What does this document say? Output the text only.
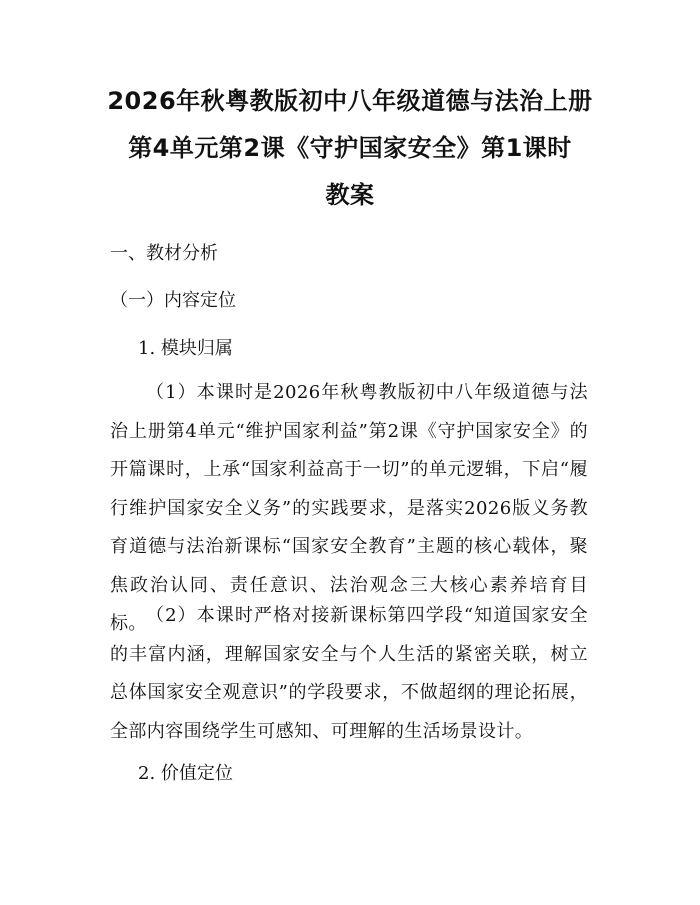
2026年秋粤教版初中八年级道德与法治上册
第4单元第2课《守护国家安全》第1课时
教案
一、教材分析
（一）内容定位
1. 模块归属
（1）本课时是2026年秋粤教版初中八年级道德与法治上册第4单元“维护国家利益”第2课《守护国家安全》的开篇课时，上承“国家利益高于一切”的单元逻辑，下启“履行维护国家安全义务”的实践要求，是落实2026版义务教育道德与法治新课标“国家安全教育”主题的核心载体，聚焦政治认同、责任意识、法治观念三大核心素养培育目标。 （2）本课时严格对接新课标第四学段“知道国家安全的丰富内涵，理解国家安全与个人生活的紧密关联，树立总体国家安全观意识”的学段要求，不做超纲的理论拓展，全部内容围绕学生可感知、可理解的生活场景设计。
2. 价值定位
